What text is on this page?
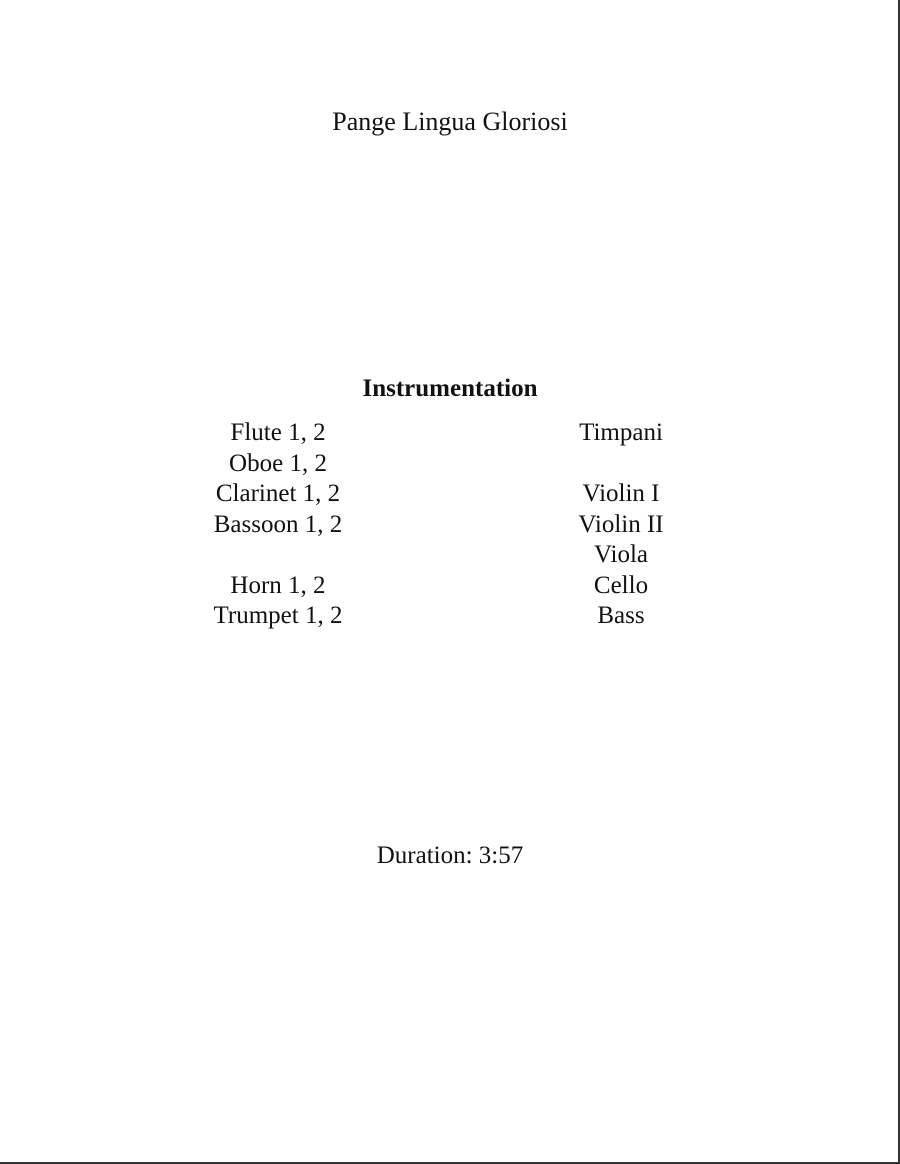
Pange Lingua Gloriosi
Instrumentation
Flute 1, 2
Oboe 1, 2
Clarinet 1, 2
Bassoon 1, 2
Horn 1, 2
Trumpet 1, 2
Timpani
Violin I
Violin II
Viola
Cello
Bass
Duration: 3:57
